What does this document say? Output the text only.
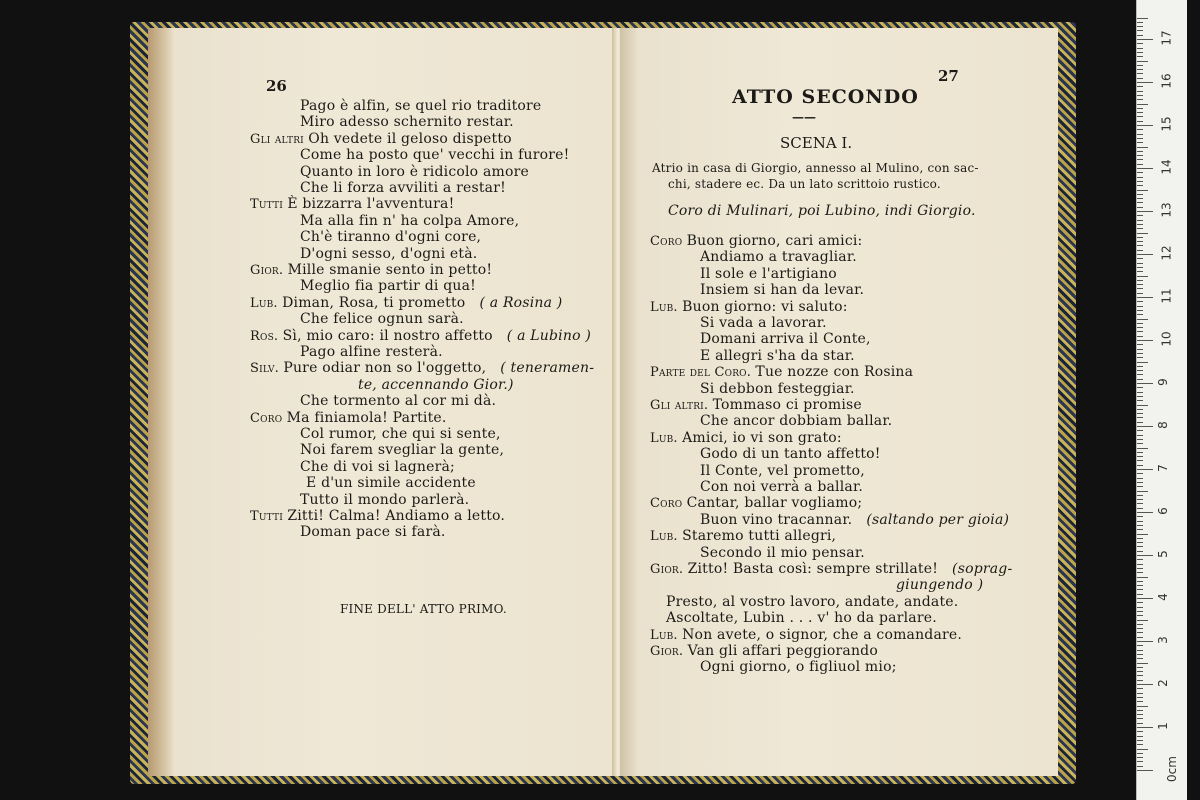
26
Pago è alfin, se quel rio traditore
Miro adesso schernito restar.
Gli altri Oh vedete il geloso dispetto
Come ha posto que' vecchi in furore!
Quanto in loro è ridicolo amore
Che li forza avviliti a restar!
Tutti È bizzarra l'avventura!
Ma alla fin n' ha colpa Amore,
Ch'è tiranno d'ogni core,
D'ogni sesso, d'ogni età.
Gior. Mille smanie sento in petto!
Meglio fia partir di qua!
Lub. Diman, Rosa, ti prometto ( a Rosina )
Che felice ognun sarà.
Ros. Sì, mio caro: il nostro affetto ( a Lubino )
Pago alfine resterà.
Silv. Pure odiar non so l'oggetto, ( teneramen-
te, accennando Gior.)
Che tormento al cor mi dà.
Coro Ma finiamola! Partite.
Col rumor, che qui si sente,
Noi farem svegliar la gente,
Che di voi si lagnerà;
E d'un simile accidente
Tutto il mondo parlerà.
Tutti Zitti! Calma! Andiamo a letto.
Doman pace si farà.
FINE DELL' ATTO PRIMO.
27
ATTO SECONDO
——
SCENA I.
Atrio in casa di Giorgio, annesso al Mulino, con sac-
chi, stadere ec. Da un lato scrittoio rustico.
Coro di Mulinari, poi Lubino, indi Giorgio.
Coro Buon giorno, cari amici:
Andiamo a travagliar.
Il sole e l'artigiano
Insiem si han da levar.
Lub. Buon giorno: vi saluto:
Si vada a lavorar.
Domani arriva il Conte,
E allegri s'ha da star.
Parte del Coro. Tue nozze con Rosina
Si debbon festeggiar.
Gli altri. Tommaso ci promise
Che ancor dobbiam ballar.
Lub. Amici, io vi son grato:
Godo di un tanto affetto!
Il Conte, vel prometto,
Con noi verrà a ballar.
Coro Cantar, ballar vogliamo;
Buon vino tracannar. (saltando per gioia)
Lub. Staremo tutti allegri,
Secondo il mio pensar.
Gior. Zitto! Basta così: sempre strillate! (soprag-
giungendo )
Presto, al vostro lavoro, andate, andate.
Ascoltate, Lubin . . . v' ho da parlare.
Lub. Non avete, o signor, che a comandare.
Gior. Van gli affari peggiorando
Ogni giorno, o figliuol mio;
0cm
1
2
3
4
5
6
7
8
9
10
11
12
13
14
15
16
17
